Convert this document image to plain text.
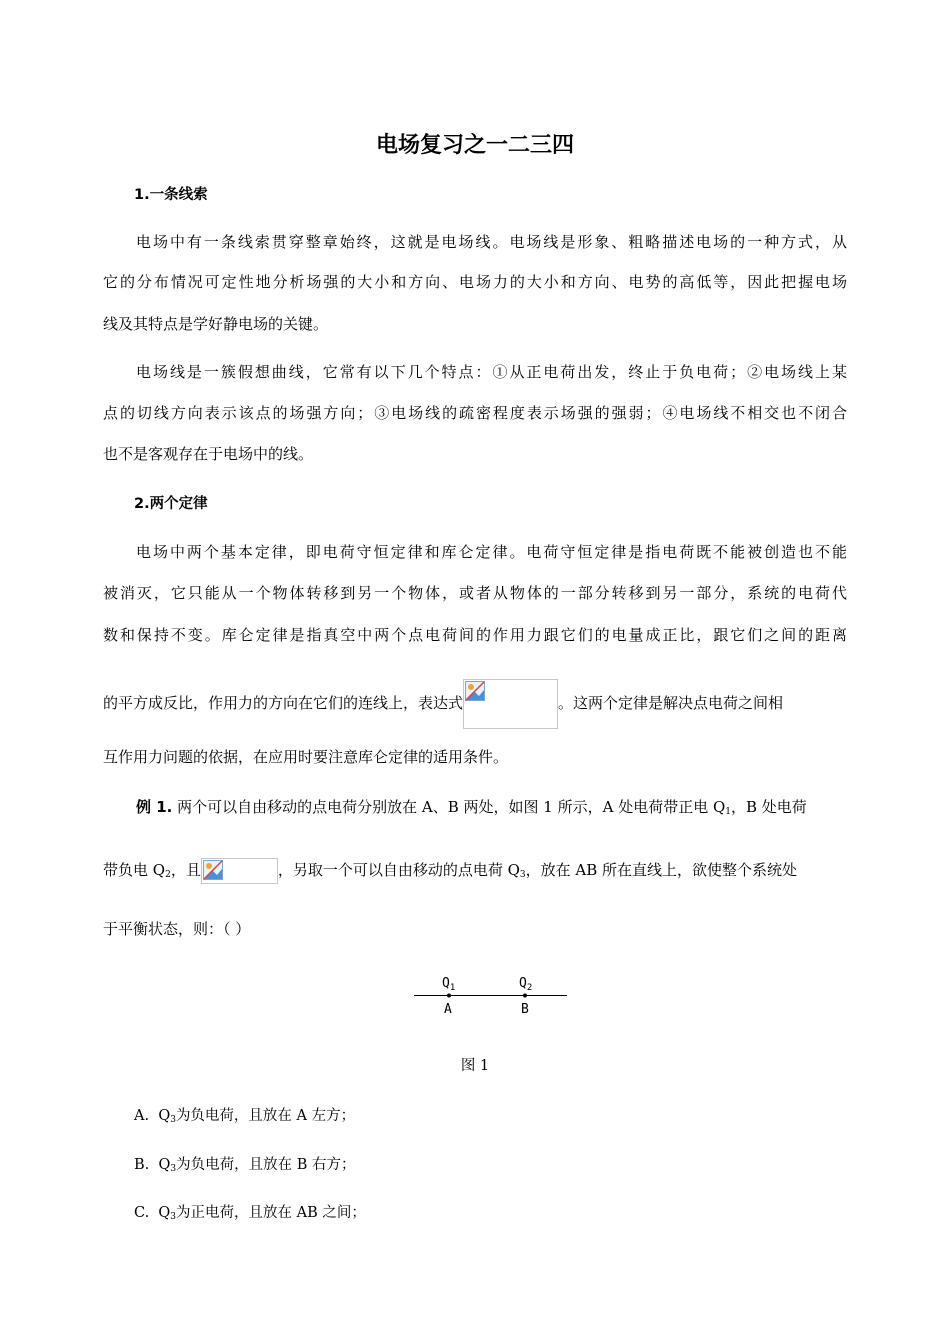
电场复习之一二三四
1.一条线索
电场中有一条线索贯穿整章始终，这就是电场线。电场线是形象、粗略描述电场的一种方式，从
它的分布情况可定性地分析场强的大小和方向、电场力的大小和方向、电势的高低等，因此把握电场
线及其特点是学好静电场的关键。
电场线是一簇假想曲线，它常有以下几个特点：①从正电荷出发，终止于负电荷；②电场线上某
点的切线方向表示该点的场强方向；③电场线的疏密程度表示场强的强弱；④电场线不相交也不闭合
也不是客观存在于电场中的线。
2.两个定律
电场中两个基本定律，即电荷守恒定律和库仑定律。电荷守恒定律是指电荷既不能被创造也不能
被消灭，它只能从一个物体转移到另一个物体，或者从物体的一部分转移到另一部分，系统的电荷代
数和保持不变。库仑定律是指真空中两个点电荷间的作用力跟它们的电量成正比，跟它们之间的距离
的平方成反比，作用力的方向在它们的连线上，表达式	。这两个定律是解决点电荷之间相
互作用力问题的依据，在应用时要注意库仑定律的适用条件。
例 1. 两个可以自由移动的点电荷分别放在 A、B 两处，如图 1 所示，A 处电荷带正电 $Q_1$，B 处电荷
带负电 $Q_2$，且	，另取一个可以自由移动的点电荷 $Q_3$，放在 AB 所在直线上，欲使整个系统处
于平衡状态，则：（ ）
$Q_1$	$Q_2$
A	B
图 1
A. $Q_3$为负电荷，且放在 A 左方；
B. $Q_3$为负电荷，且放在 B 右方；
C. $Q_3$为正电荷，且放在 AB 之间；
